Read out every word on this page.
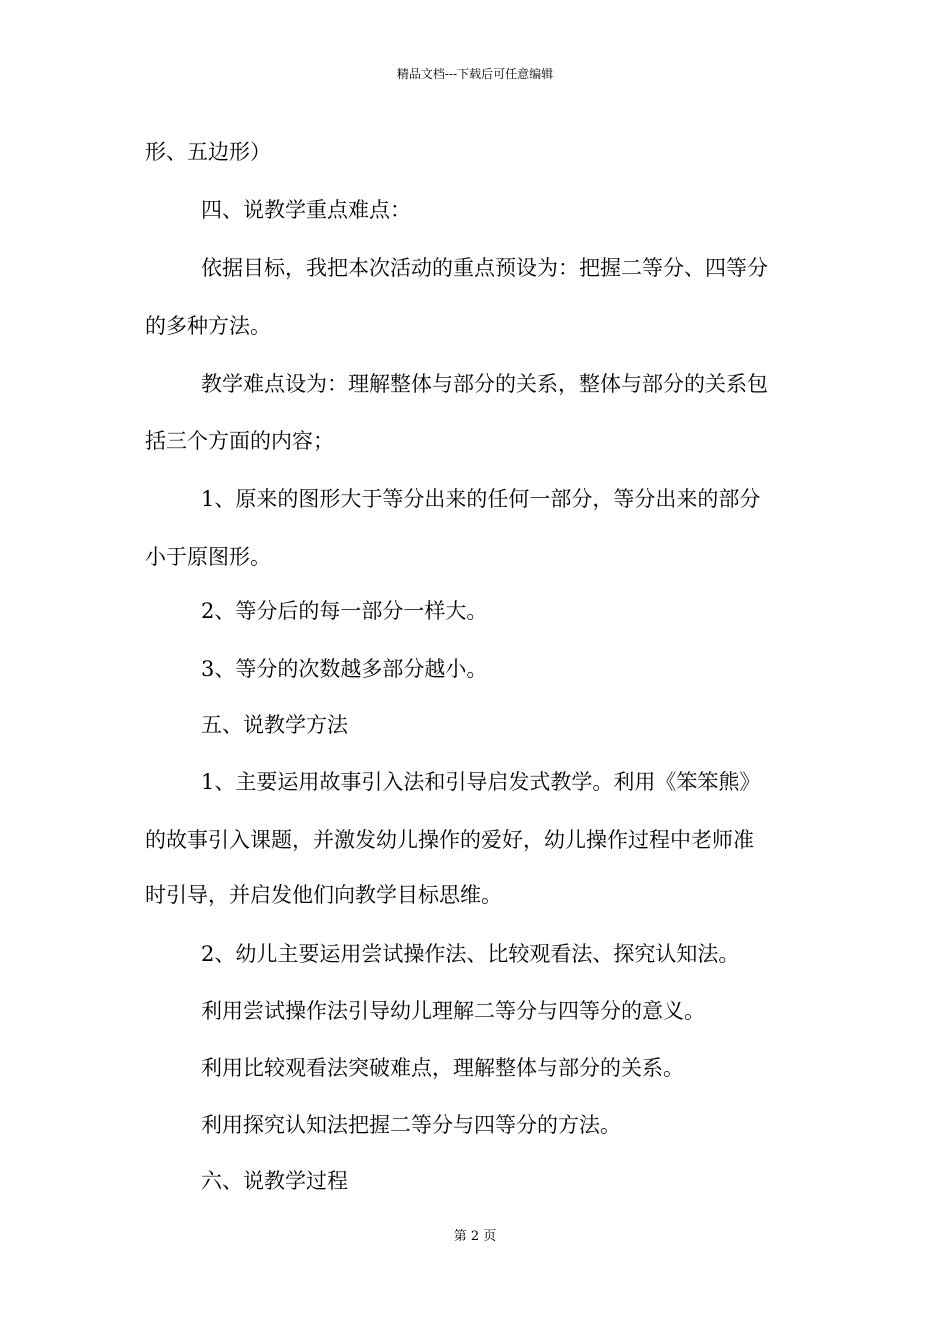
精品文档---下载后可任意编辑
形、五边形）
四、说教学重点难点：
依据目标，我把本次活动的重点预设为：把握二等分、四等分
的多种方法。
教学难点设为：理解整体与部分的关系，整体与部分的关系包
括三个方面的内容；
1、原来的图形大于等分出来的任何一部分，等分出来的部分
小于原图形。
2、等分后的每一部分一样大。
3、等分的次数越多部分越小。
五、说教学方法
1、主要运用故事引入法和引导启发式教学。利用《笨笨熊》
的故事引入课题，并激发幼儿操作的爱好，幼儿操作过程中老师准
时引导，并启发他们向教学目标思维。
2、幼儿主要运用尝试操作法、比较观看法、探究认知法。
利用尝试操作法引导幼儿理解二等分与四等分的意义。
利用比较观看法突破难点，理解整体与部分的关系。
利用探究认知法把握二等分与四等分的方法。
六、说教学过程
第 2 页
